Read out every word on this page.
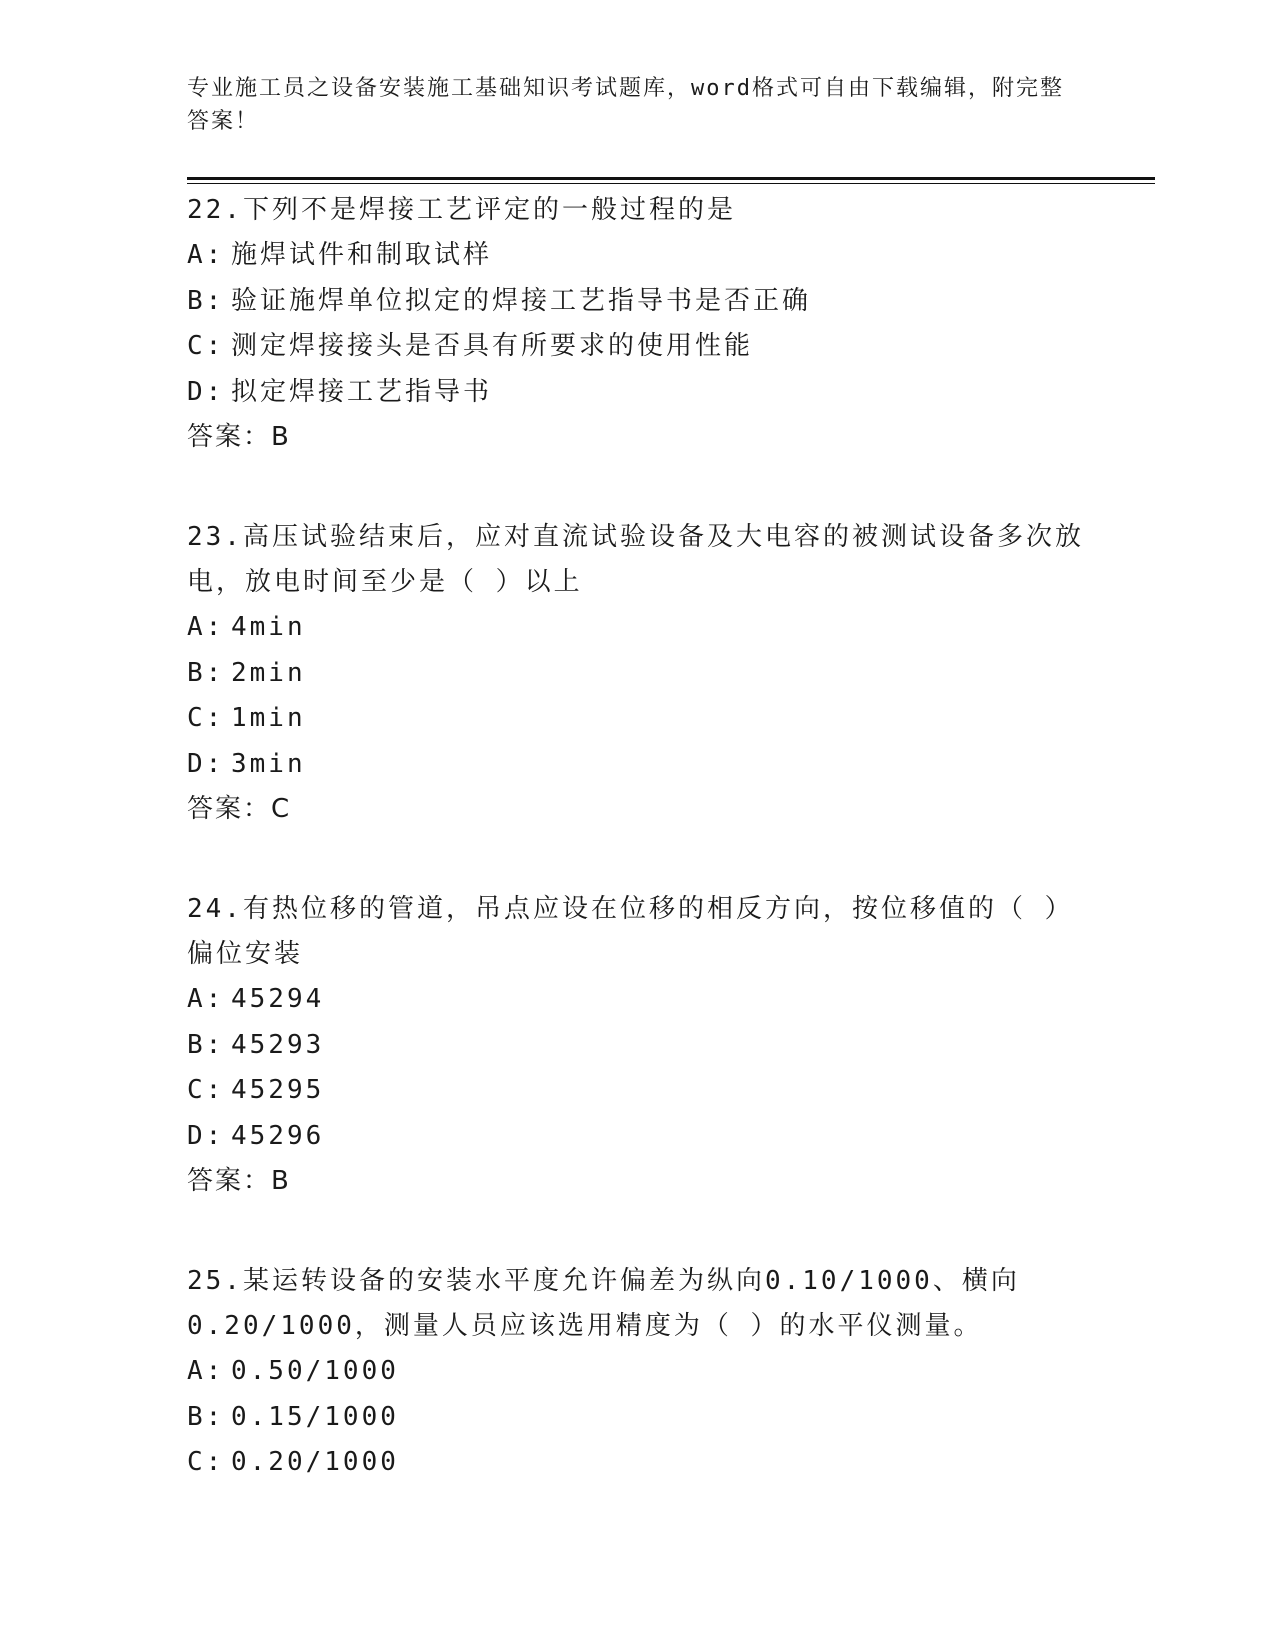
专业施工员之设备安装施工基础知识考试题库，word格式可自由下载编辑，附完整答案！

22.下列不是焊接工艺评定的一般过程的是

A: 施焊试件和制取试样

B: 验证施焊单位拟定的焊接工艺指导书是否正确

C: 测定焊接接头是否具有所要求的使用性能

D: 拟定焊接工艺指导书

答案：B

23.高压试验结束后，应对直流试验设备及大电容的被测试设备多次放电，放电时间至少是（ ）以上

A: 4min

B: 2min

C: 1min

D: 3min

答案：C

24.有热位移的管道，吊点应设在位移的相反方向，按位移值的（ ）偏位安装

A: 45294

B: 45293

C: 45295

D: 45296

答案：B

25.某运转设备的安装水平度允许偏差为纵向0.10/1000、横向0.20/1000，测量人员应该选用精度为（ ）的水平仪测量。

A: 0.50/1000

B: 0.15/1000

C: 0.20/1000
